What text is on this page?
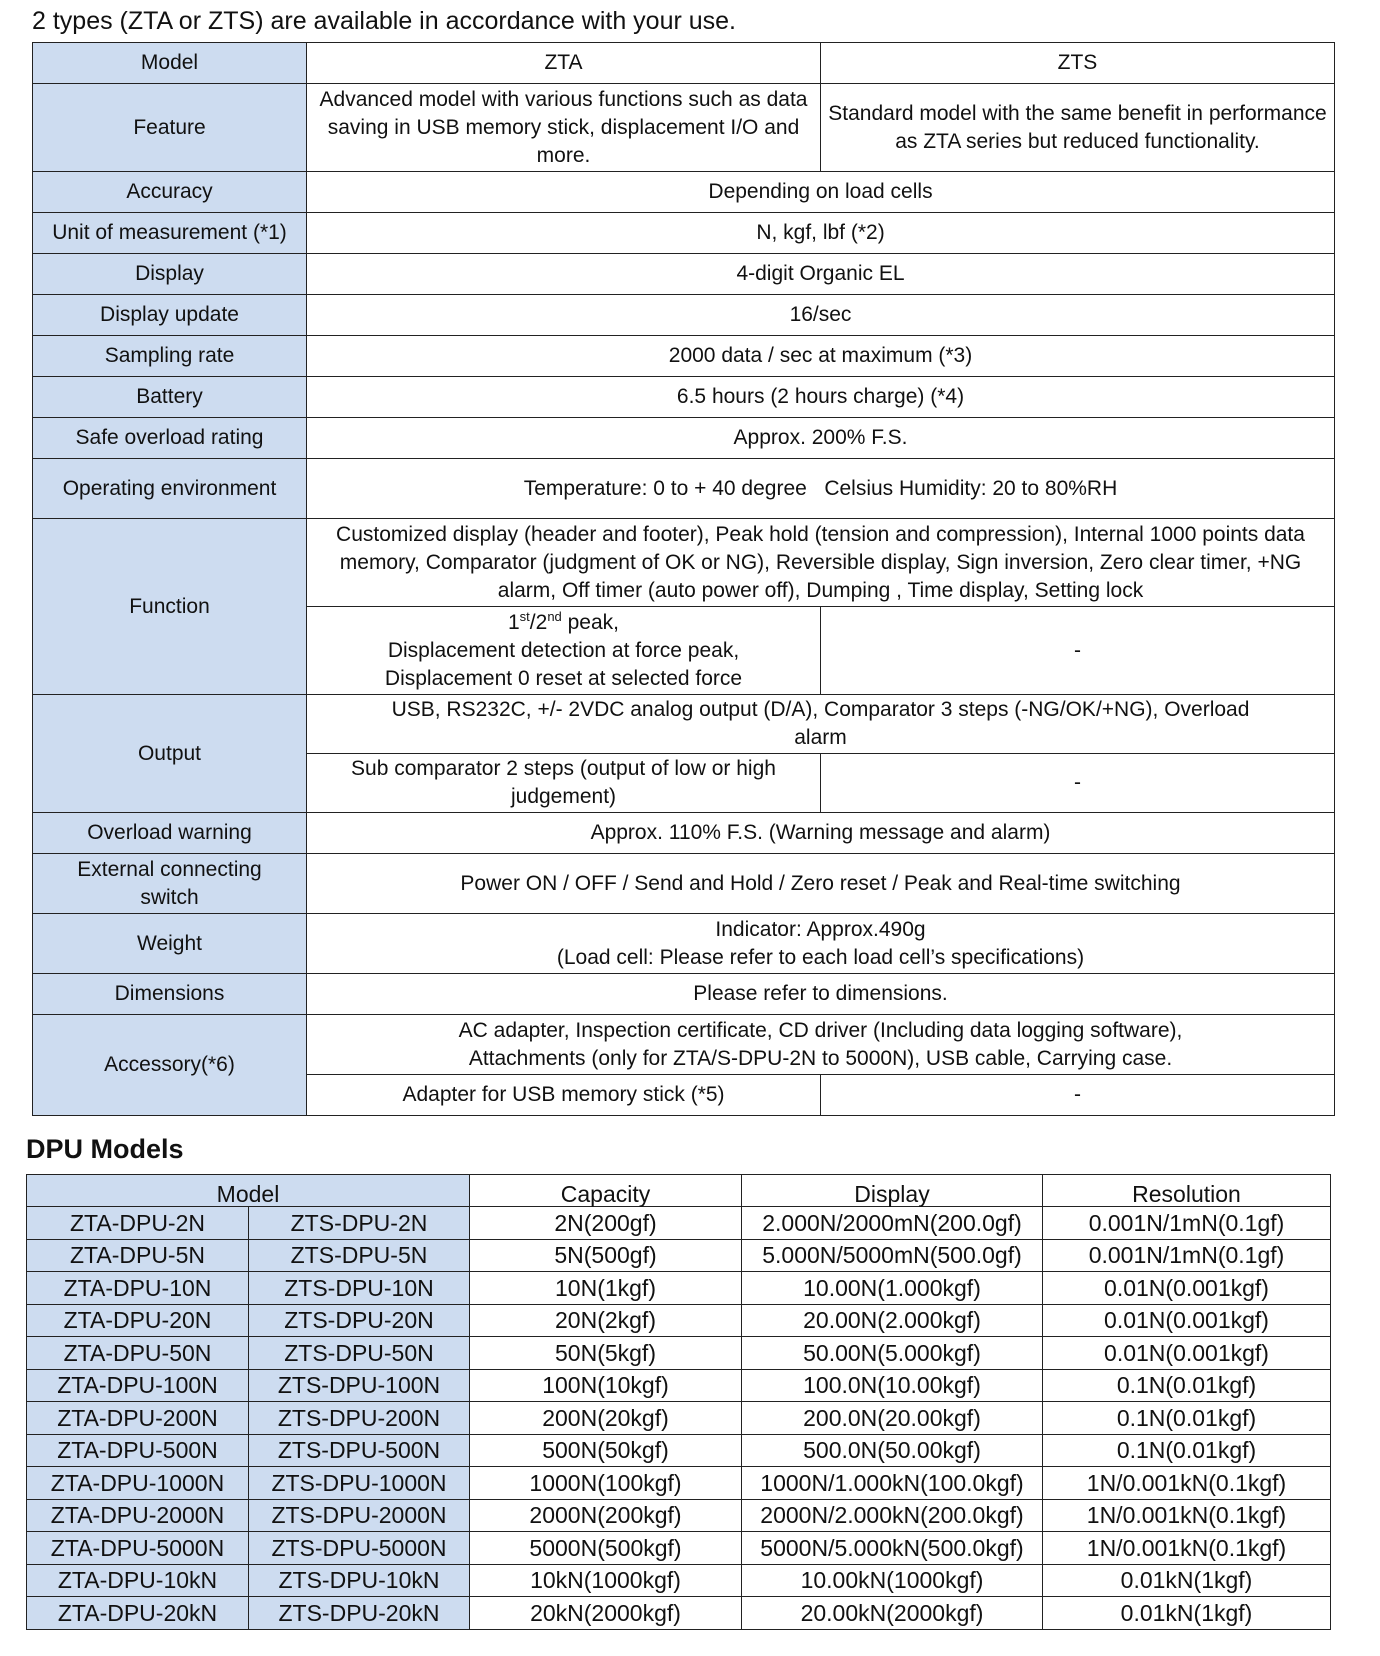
2 types (ZTA or ZTS) are available in accordance with your use.
Model	ZTA	ZTS
Feature	Advanced model with various functions such as data saving in USB memory stick, displacement I/O and more.	Standard model with the same benefit in performance as ZTA series but reduced functionality.
Accuracy	Depending on load cells	
Unit of measurement (*1)	N, kgf, lbf (*2)	
Display	4-digit Organic EL	
Display update	16/sec	
Sampling rate	2000 data / sec at maximum (*3)	
Battery	6.5 hours (2 hours charge) (*4)	
Safe overload rating	Approx. 200% F.S.	
Operating environment	Temperature: 0 to + 40 degree   Celsius Humidity: 20 to 80%RH	
Function	Customized display (header and footer), Peak hold (tension and compression), Internal 1000 points data memory, Comparator (judgment of OK or NG), Reversible display, Sign inversion, Zero clear timer, +NG alarm, Off timer (auto power off), Dumping , Time display, Setting lock	

	1st/2nd peak,
Displacement detection at force peak,
Displacement 0 reset at selected force	-
Output	USB, RS232C, +/- 2VDC analog output (D/A), Comparator 3 steps (-NG/OK/+NG), Overload alarm	
	Sub comparator 2 steps (output of low or high judgement)	-
Overload warning	Approx. 110% F.S. (Warning message and alarm)	
External connecting switch	Power ON / OFF / Send and Hold / Zero reset / Peak and Real-time switching	
Weight	Indicator: Approx.490g
(Load cell: Please refer to each load cell’s specifications)	

Dimensions	Please refer to dimensions.	
Accessory(*6)	AC adapter, Inspection certificate, CD driver (Including data logging software),
Attachments (only for ZTA/S-DPU-2N to 5000N), USB cable, Carrying case.	

	Adapter for USB memory stick (*5)	-
DPU Models
Model		Capacity	Display	Resolution
ZTA-DPU-2N	ZTS-DPU-2N	2N(200gf)	2.000N/2000mN(200.0gf)	0.001N/1mN(0.1gf)
ZTA-DPU-5N	ZTS-DPU-5N	5N(500gf)	5.000N/5000mN(500.0gf)	0.001N/1mN(0.1gf)
ZTA-DPU-10N	ZTS-DPU-10N	10N(1kgf)	10.00N(1.000kgf)	0.01N(0.001kgf)
ZTA-DPU-20N	ZTS-DPU-20N	20N(2kgf)	20.00N(2.000kgf)	0.01N(0.001kgf)
ZTA-DPU-50N	ZTS-DPU-50N	50N(5kgf)	50.00N(5.000kgf)	0.01N(0.001kgf)
ZTA-DPU-100N	ZTS-DPU-100N	100N(10kgf)	100.0N(10.00kgf)	0.1N(0.01kgf)
ZTA-DPU-200N	ZTS-DPU-200N	200N(20kgf)	200.0N(20.00kgf)	0.1N(0.01kgf)
ZTA-DPU-500N	ZTS-DPU-500N	500N(50kgf)	500.0N(50.00kgf)	0.1N(0.01kgf)
ZTA-DPU-1000N	ZTS-DPU-1000N	1000N(100kgf)	1000N/1.000kN(100.0kgf)	1N/0.001kN(0.1kgf)
ZTA-DPU-2000N	ZTS-DPU-2000N	2000N(200kgf)	2000N/2.000kN(200.0kgf)	1N/0.001kN(0.1kgf)
ZTA-DPU-5000N	ZTS-DPU-5000N	5000N(500kgf)	5000N/5.000kN(500.0kgf)	1N/0.001kN(0.1kgf)
ZTA-DPU-10kN	ZTS-DPU-10kN	10kN(1000kgf)	10.00kN(1000kgf)	0.01kN(1kgf)
ZTA-DPU-20kN	ZTS-DPU-20kN	20kN(2000kgf)	20.00kN(2000kgf)	0.01kN(1kgf)
